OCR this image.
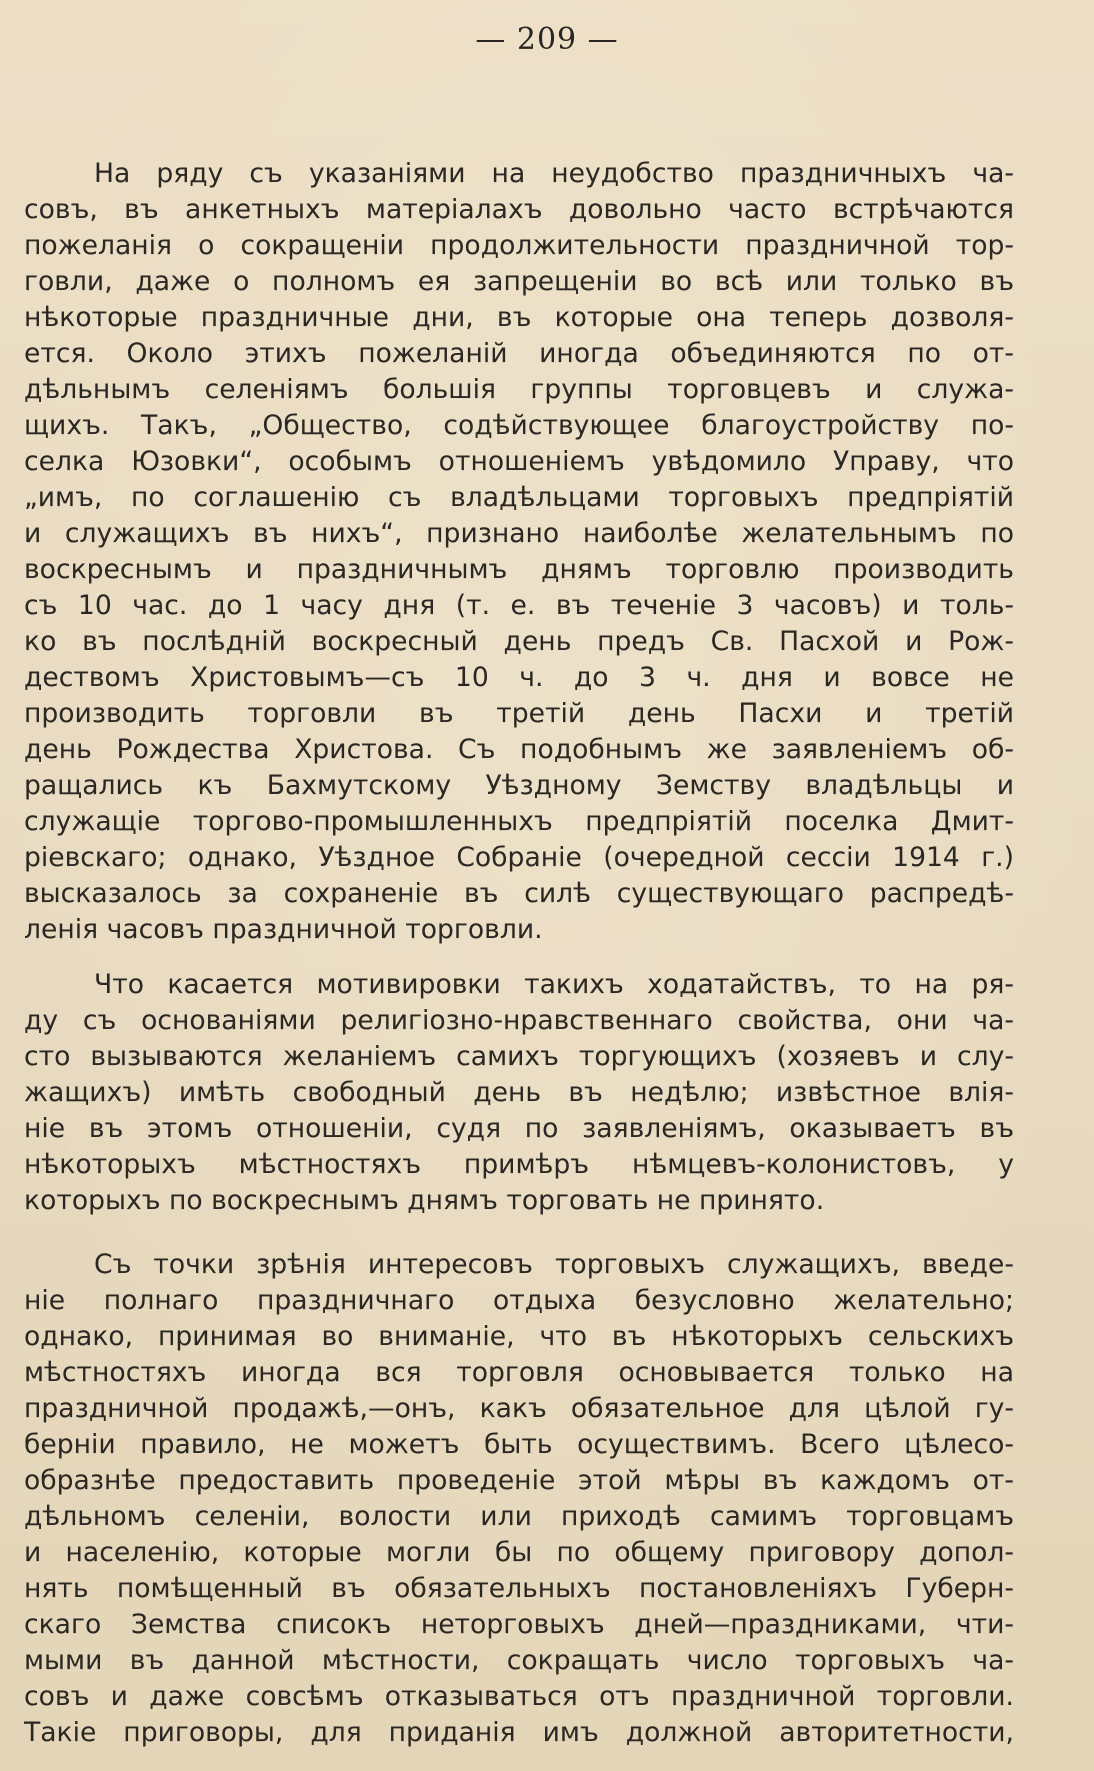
— 209 —
На ряду съ указаніями на неудобство праздничныхъ ча-
совъ, въ анкетныхъ матеріалахъ довольно часто встрѣчаются
пожеланія о сокращеніи продолжительности праздничной тор-
говли, даже о полномъ ея запрещеніи во всѣ или только въ
нѣкоторые праздничные дни, въ которые она теперь дозволя-
ется. Около этихъ пожеланій иногда объединяются по от-
дѣльнымъ селеніямъ большія группы торговцевъ и служа-
щихъ. Такъ, „Общество, содѣйствующее благоустройству по-
селка Юзовки“, особымъ отношеніемъ увѣдомило Управу, что
„имъ, по соглашенію съ владѣльцами торговыхъ предпріятій
и служащихъ въ нихъ“, признано наиболѣе желательнымъ по
воскреснымъ и праздничнымъ днямъ торговлю производить
съ 10 час. до 1 часу дня (т. е. въ теченіе 3 часовъ) и толь-
ко въ послѣдній воскресный день предъ Св. Пасхой и Рож-
дествомъ Христовымъ—съ 10 ч. до 3 ч. дня и вовсе не
производить торговли въ третій день Пасхи и третій
день Рождества Христова. Съ подобнымъ же заявленіемъ об-
ращались къ Бахмутскому Уѣздному Земству владѣльцы и
служащіе торгово-промышленныхъ предпріятій поселка Дмит-
ріевскаго; однако, Уѣздное Собраніе (очередной сессіи 1914 г.)
высказалось за сохраненіе въ силѣ существующаго распредѣ-
ленія часовъ праздничной торговли.
Что касается мотивировки такихъ ходатайствъ, то на ря-
ду съ основаніями религіозно-нравственнаго свойства, они ча-
сто вызываются желаніемъ самихъ торгующихъ (хозяевъ и слу-
жащихъ) имѣть свободный день въ недѣлю; извѣстное влія-
ніе въ этомъ отношеніи, судя по заявленіямъ, оказываетъ въ
нѣкоторыхъ мѣстностяхъ примѣръ нѣмцевъ-колонистовъ, у
которыхъ по воскреснымъ днямъ торговать не принято.
Съ точки зрѣнія интересовъ торговыхъ служащихъ, введе-
ніе полнаго праздничнаго отдыха безусловно желательно;
однако, принимая во вниманіе, что въ нѣкоторыхъ сельскихъ
мѣстностяхъ иногда вся торговля основывается только на
праздничной продажѣ,—онъ, какъ обязательное для цѣлой гу-
берніи правило, не можетъ быть осуществимъ. Всего цѣлесо-
образнѣе предоставить проведеніе этой мѣры въ каждомъ от-
дѣльномъ селеніи, волости или приходѣ самимъ торговцамъ
и населенію, которые могли бы по общему приговору допол-
нять помѣщенный въ обязательныхъ постановленіяхъ Губерн-
скаго Земства списокъ неторговыхъ дней—праздниками, чти-
мыми въ данной мѣстности, сокращать число торговыхъ ча-
совъ и даже совсѣмъ отказываться отъ праздничной торговли.
Такіе приговоры, для приданія имъ должной авторитетности,
